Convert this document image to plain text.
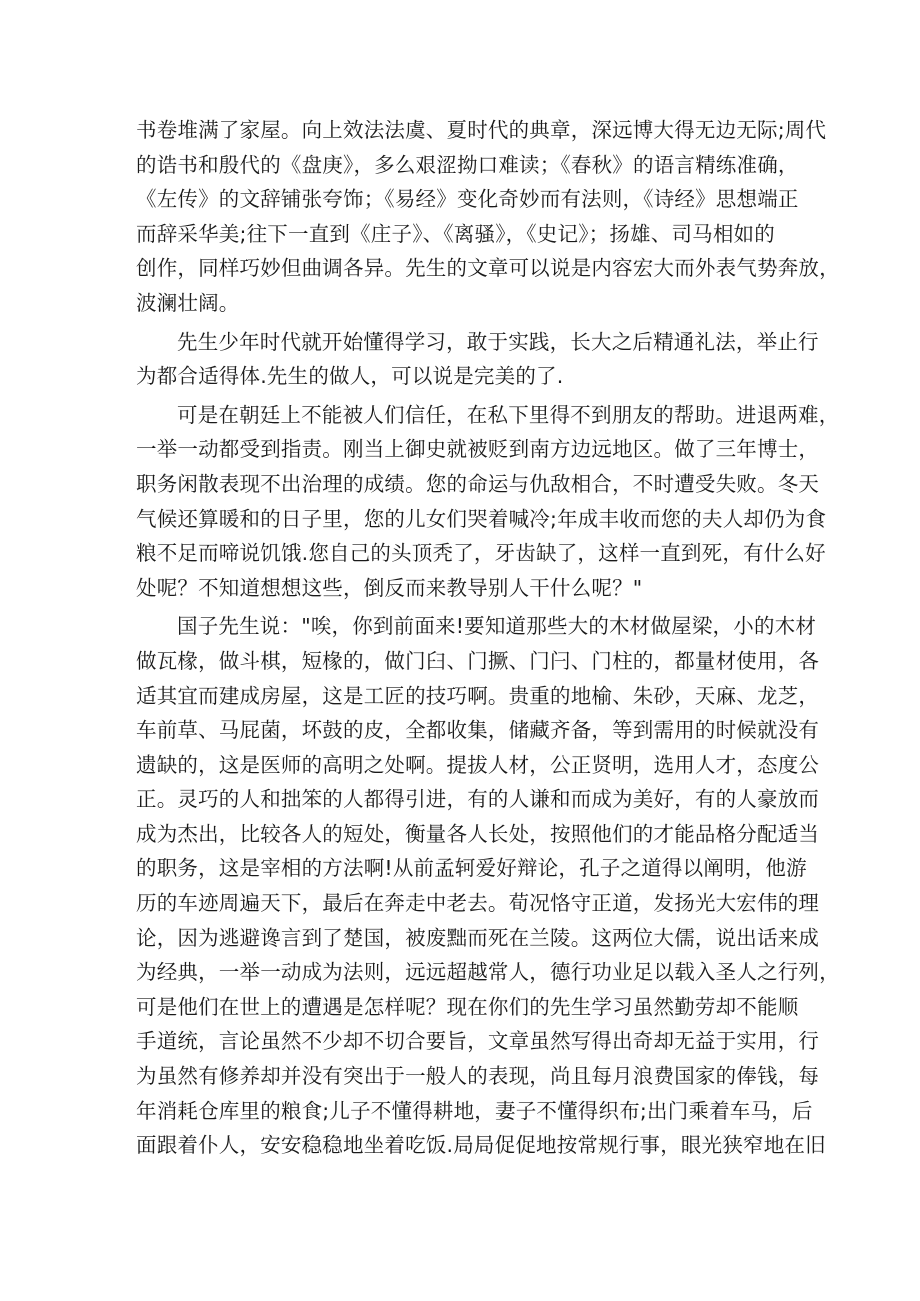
书卷堆满了家屋。向上效法法虞、夏时代的典章，深远博大得无边无际;周代
的诰书和殷代的《盘庚》，多么艰涩拗口难读；《春秋》的语言精练准确，
《左传》的文辞铺张夸饰；《易经》变化奇妙而有法则，《诗经》思想端正
而辞采华美;往下一直到《庄子》、《离骚》，《史记》；扬雄、司马相如的
创作，同样巧妙但曲调各异。先生的文章可以说是内容宏大而外表气势奔放，
波澜壮阔。
先生少年时代就开始懂得学习，敢于实践，长大之后精通礼法，举止行
为都合适得体.先生的做人，可以说是完美的了.
可是在朝廷上不能被人们信任，在私下里得不到朋友的帮助。进退两难，
一举一动都受到指责。刚当上御史就被贬到南方边远地区。做了三年博士，
职务闲散表现不出治理的成绩。您的命运与仇敌相合，不时遭受失败。冬天
气候还算暖和的日子里，您的儿女们哭着喊冷;年成丰收而您的夫人却仍为食
粮不足而啼说饥饿.您自己的头顶秃了，牙齿缺了，这样一直到死，有什么好
处呢？不知道想想这些，倒反而来教导别人干什么呢？"
国子先生说："唉，你到前面来!要知道那些大的木材做屋梁，小的木材
做瓦椽，做斗棋，短椽的，做门臼、门撅、门闩、门柱的，都量材使用，各
适其宜而建成房屋，这是工匠的技巧啊。贵重的地榆、朱砂，天麻、龙芝，
车前草、马屁菌，坏鼓的皮，全都收集，储藏齐备，等到需用的时候就没有
遗缺的，这是医师的高明之处啊。提拔人材，公正贤明，选用人才，态度公
正。灵巧的人和拙笨的人都得引进，有的人谦和而成为美好，有的人豪放而
成为杰出，比较各人的短处，衡量各人长处，按照他们的才能品格分配适当
的职务，这是宰相的方法啊!从前孟轲爱好辩论，孔子之道得以阐明，他游
历的车迹周遍天下，最后在奔走中老去。荀况恪守正道，发扬光大宏伟的理
论，因为逃避谗言到了楚国，被废黜而死在兰陵。这两位大儒，说出话来成
为经典，一举一动成为法则，远远超越常人，德行功业足以载入圣人之行列，
可是他们在世上的遭遇是怎样呢？现在你们的先生学习虽然勤劳却不能顺
手道统，言论虽然不少却不切合要旨，文章虽然写得出奇却无益于实用，行
为虽然有修养却并没有突出于一般人的表现，尚且每月浪费国家的俸钱，每
年消耗仓库里的粮食;儿子不懂得耕地，妻子不懂得织布;出门乘着车马，后
面跟着仆人，安安稳稳地坐着吃饭.局局促促地按常规行事，眼光狭窄地在旧
